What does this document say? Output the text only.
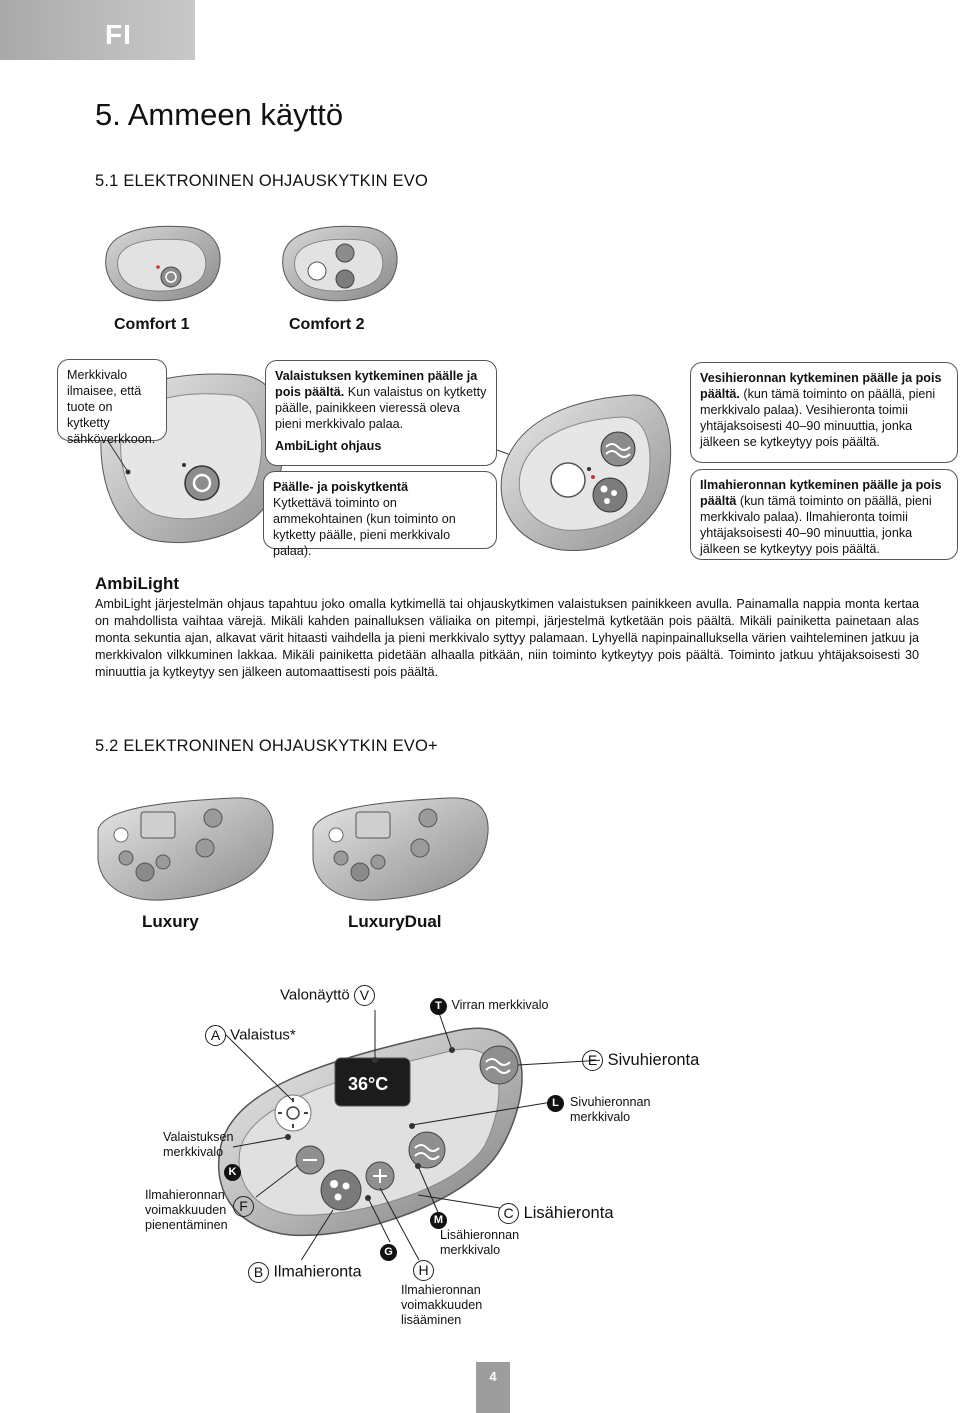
FI
5. Ammeen käyttö
5.1 ELEKTRONINEN OHJAUSKYTKIN EVO
Comfort 1	Comfort 2
Merkkivalo ilmaisee, että tuote on kytketty sähköverkkoon.
Valaistuksen kytkeminen päälle ja pois päältä. Kun valaistus on kytketty päälle, painikkeen vieressä oleva pieni merkkivalo palaa.

AmbiLight ohjaus
Päälle- ja poiskytkentä
Kytkettävä toiminto on ammekohtainen (kun toiminto on kytketty päälle, pieni merkkivalo palaa).
Vesihieronnan kytkeminen päälle ja pois päältä. (kun tämä toiminto on päällä, pieni merkkivalo palaa). Vesihieronta toimii yhtäjaksoisesti 40–90 minuuttia, jonka jälkeen se kytkeytyy pois päältä.
Ilmahieronnan kytkeminen päälle ja pois päältä (kun tämä toiminto on päällä, pieni merkkivalo palaa). Ilmahieronta toimii yhtäjaksoisesti 40–90 minuuttia, jonka jälkeen se kytkeytyy pois päältä.
AmbiLight
AmbiLight järjestelmän ohjaus tapahtuu joko omalla kytkimellä tai ohjauskytkimen valaistuksen painikkeen avulla. Painamalla nappia monta kertaa on mahdollista vaihtaa värejä. Mikäli kahden painalluksen väliaika on pitempi, järjestelmä kytketään pois päältä. Mikäli painiketta painetaan alas monta sekuntia ajan, alkavat värit hitaasti vaihdella ja pieni merkkivalo syttyy palamaan. Lyhyellä napinpainalluksella värien vaihteleminen jatkuu ja merkkivalon vilkkuminen lakkaa. Mikäli painiketta pidetään alhaalla pitkään, niin toiminto kytkeytyy pois päältä. Toiminto jatkuu yhtäjaksoisesti 30 minuuttia ja kytkeytyy sen jälkeen automaattisesti pois päältä.
5.2 ELEKTRONINEN OHJAUSKYTKIN EVO+
Luxury	LuxuryDual
36°C
Valonäyttö V
T Virran merkkivalo
A Valaistus*
E Sivuhieronta
L Sivuhieronnan merkkivalo
Valaistuksen merkkivalo
K
Ilmahieronnan voimakkuuden pienentäminen
F
M
Lisähieronnan merkkivalo
C Lisähieronta
G
B Ilmahieronta	H
Ilmahieronnan voimakkuuden lisääminen
4
